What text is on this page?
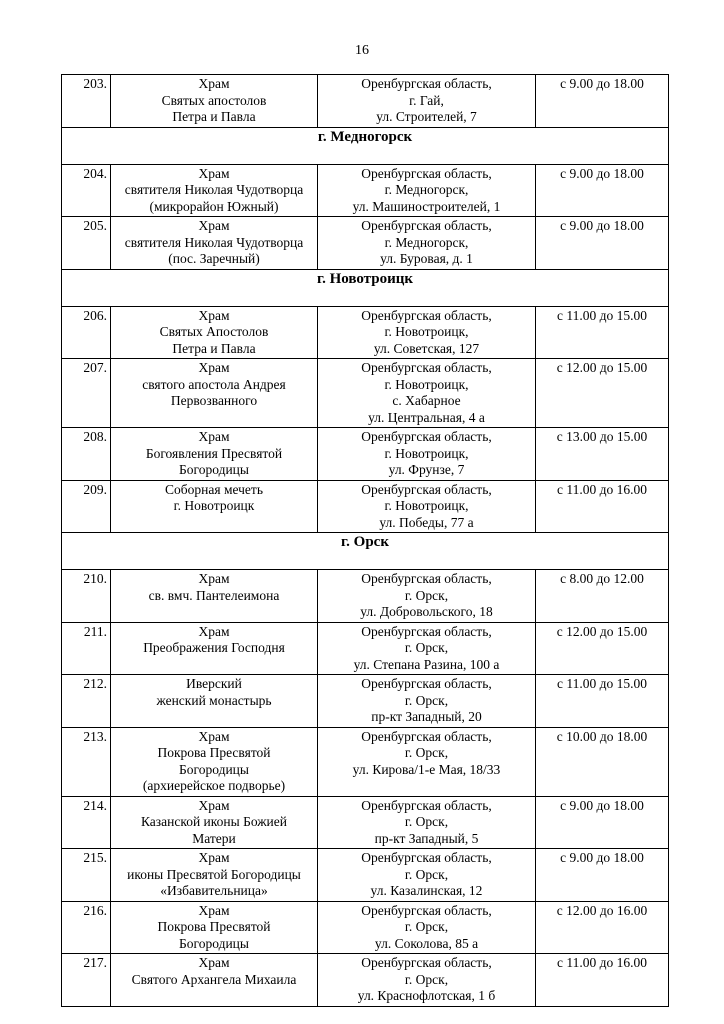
16
203.	Храм
Святых апостолов
Петра и Павла	Оренбургская область,
г. Гай,
ул. Строителей, 7	с 9.00 до 18.00
г. Медногорск			
204.	Храм
святителя Николая Чудотворца
(микрорайон Южный)	Оренбургская область,
г. Медногорск,
ул. Машиностроителей, 1	с 9.00 до 18.00
205.	Храм
святителя Николая Чудотворца
(пос. Заречный)	Оренбургская область,
г. Медногорск,
ул. Буровая, д. 1	с 9.00 до 18.00
г. Новотроицк			
206.	Храм
Святых Апостолов
Петра и Павла	Оренбургская область,
г. Новотроицк,
ул. Советская, 127	с 11.00 до 15.00
207.	Храм
святого апостола Андрея
Первозванного	Оренбургская область,
г. Новотроицк,
с. Хабарное
ул. Центральная, 4 а	с 12.00 до 15.00
208.	Храм
Богоявления Пресвятой
Богородицы	Оренбургская область,
г. Новотроицк,
ул. Фрунзе, 7	с 13.00 до 15.00
209.	Соборная мечеть
г. Новотроицк	Оренбургская область,
г. Новотроицк,
ул. Победы, 77 а	с 11.00 до 16.00
г. Орск			
210.	Храм
св. вмч. Пантелеимона	Оренбургская область,
г. Орск,
ул. Добровольского, 18	с 8.00 до 12.00
211.	Храм
Преображения Господня	Оренбургская область,
г. Орск,
ул. Степана Разина, 100 а	с 12.00 до 15.00
212.	Иверский
женский монастырь	Оренбургская область,
г. Орск,
пр-кт Западный, 20	с 11.00 до 15.00
213.	Храм
Покрова Пресвятой
Богородицы
(архиерейское подворье)	Оренбургская область,
г. Орск,
ул. Кирова/1-е Мая, 18/33	с 10.00 до 18.00
214.	Храм
Казанской иконы Божией
Матери	Оренбургская область,
г. Орск,
пр-кт Западный, 5	с 9.00 до 18.00
215.	Храм
иконы Пресвятой Богородицы
«Избавительница»	Оренбургская область,
г. Орск,
ул. Казалинская, 12	с 9.00 до 18.00
216.	Храм
Покрова Пресвятой
Богородицы	Оренбургская область,
г. Орск,
ул. Соколова, 85 а	с 12.00 до 16.00
217.	Храм
Святого Архангела Михаила	Оренбургская область,
г. Орск,
ул. Краснофлотская, 1 б	с 11.00 до 16.00
